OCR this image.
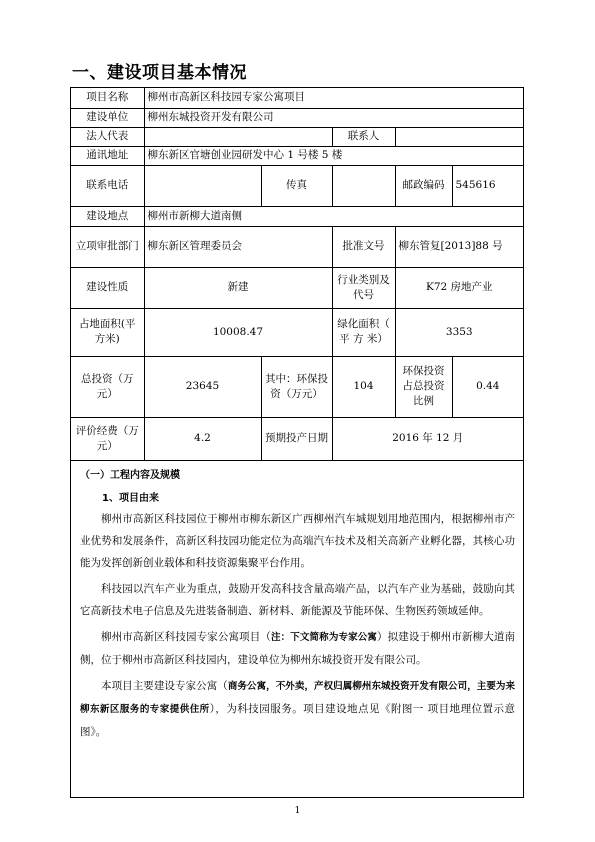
一、建设项目基本情况
项目名称	柳州市高新区科技园专家公寓项目				
建设单位	柳州东城投资开发有限公司				
法人代表			联系人		
通讯地址	柳东新区官塘创业园研发中心 1 号楼 5 楼				
联系电话		传真		邮政编码	545616
建设地点	柳州市新柳大道南侧				
立项审批部门	柳东新区管理委员会		批准文号	柳东管复[2013]88 号	
建设性质	新建		行业类别及代号	K72 房地产业	
占地面积(平方米)	10008.47		绿化面积（ 平 方 米）	3353	
总投资（万元）	23645	其中：环保投资（万元）	104	环保投资占总投资比例	0.44
评价经费（万元）	4.2	预期投产日期	2016 年 12 月		
（一）工程内容及规模
1、项目由来

柳州市高新区科技园位于柳州市柳东新区广西柳州汽车城规划用地范围内，根据柳州市产业优势和发展条件，高新区科技园功能定位为高端汽车技术及相关高新产业孵化器，其核心功能为发挥创新创业载体和科技资源集聚平台作用。

科技园以汽车产业为重点，鼓励开发高科技含量高端产品，以汽车产业为基础，鼓励向其它高新技术电子信息及先进装备制造、新材料、新能源及节能环保、生物医药领域延伸。

柳州市高新区科技园专家公寓项目（注：下文简称为专家公寓）拟建设于柳州市新柳大道南侧，位于柳州市高新区科技园内，建设单位为柳州东城投资开发有限公司。

本项目主要建设专家公寓（商务公寓，不外卖，产权归属柳州东城投资开发有限公司，主要为来柳东新区服务的专家提供住所），为科技园服务。项目建设地点见《附图一 项目地理位置示意图》。

1
